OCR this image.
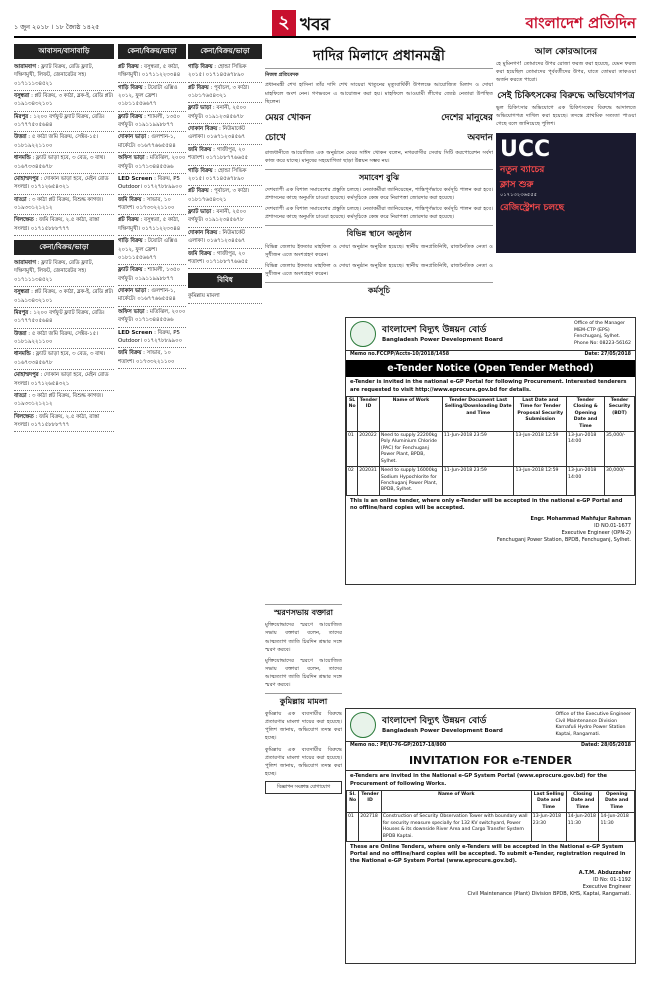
১ জুন ২০১৮ । ১৮ জ্যৈষ্ঠ ১৪২৫	২ খবর	বাংলাদেশ প্রতিদিন
আবাসন/বাসাবাড়ি
আরামবাগ : ফ্ল্যাট বিক্রয়, রেডি ফ্ল্যাট, দক্ষিণমুখী, লিফট, জেনারেটর সহ। ০১৭১১১৩৪৫২১
বসুন্ধরা : প্লট বিক্রয়, ৩ কাঠা, ব্লক-ই, রেডি প্লট। ০১৯১৩৪৩২১০১
মিরপুর : ১২০০ বর্গফুট ফ্ল্যাট বিক্রয়, রেডি। ০১৭৭৭৫০৫৬৪৪
উত্তরা : ৫ কাঠা জমি বিক্রয়, সেক্টর-১৫। ০১৮১৯২২১১০০
ধানমন্ডি : ফ্ল্যাট ভাড়া হবে, ৩ বেড, ৩ বাথ। ০১৬৭৩৩৪৫৬৭৮
মোহাম্মদপুর : দোকান ভাড়া হবে, মেইন রোড সংলগ্ন। ০১৭১২৬৫৪৩২১
বাড্ডা : ৩ কাঠা প্লট বিক্রয়, বিশুদ্ধ কাগজ। ০১৯৩৩১২১২১২
খিলক্ষেত : জমি বিক্রয়, ২.৫ কাঠা, রাস্তা সংলগ্ন। ০১৭১৫৮৮৮৭৭৭
কেনা/বিক্রয়/ভাড়া
আরামবাগ : ফ্ল্যাট বিক্রয়, রেডি ফ্ল্যাট, দক্ষিণমুখী, লিফট, জেনারেটর সহ। ০১৭১১১৩৪৫২১
বসুন্ধরা : প্লট বিক্রয়, ৩ কাঠা, ব্লক-ই, রেডি প্লট। ০১৯১৩৪৩২১০১
মিরপুর : ১২০০ বর্গফুট ফ্ল্যাট বিক্রয়, রেডি। ০১৭৭৭৫০৫৬৪৪
উত্তরা : ৫ কাঠা জমি বিক্রয়, সেক্টর-১৫। ০১৮১৯২২১১০০
ধানমন্ডি : ফ্ল্যাট ভাড়া হবে, ৩ বেড, ৩ বাথ। ০১৬৭৩৩৪৫৬৭৮
মোহাম্মদপুর : দোকান ভাড়া হবে, মেইন রোড সংলগ্ন। ০১৭১২৬৫৪৩২১
বাড্ডা : ৩ কাঠা প্লট বিক্রয়, বিশুদ্ধ কাগজ। ০১৯৩৩১২১২১২
খিলক্ষেত : জমি বিক্রয়, ২.৫ কাঠা, রাস্তা সংলগ্ন। ০১৭১৫৮৮৮৭৭৭
কেনা/বিক্রয়/ভাড়া
প্লট বিক্রয় : বসুন্ধরা, ৫ কাঠা, দক্ষিণমুখী। ০১৭১১২২৩৩৪৪
গাড়ি বিক্রয় : টয়োটা এক্সিও ২০১২, ফুল ফ্রেশ। ০১৮১১৫৫৬৬৭৭
ফ্ল্যাট বিক্রয় : শ্যামলী, ১৩৫০ বর্গফুট। ০১৯১১৯৯৮৮৭৭
দোকান ভাড়া : গুলশান-১, মার্কেটে। ০১৬৭৭৬৬৫৫৪৪
অফিস ভাড়া : মতিঝিল, ২০০০ বর্গফুট। ০১৭১৩৪৪৫৫৬৬
LED Screen : বিক্রয়, P5 Outdoor। ০১৭২৭৮৮৯৯০০
জমি বিক্রয় : সাভার, ১০ শতাংশ। ০১৭৩৩২২১১০০
প্লট বিক্রয় : বসুন্ধরা, ৫ কাঠা, দক্ষিণমুখী। ০১৭১১২২৩৩৪৪
গাড়ি বিক্রয় : টয়োটা এক্সিও ২০১২, ফুল ফ্রেশ। ০১৮১১৫৫৬৬৭৭
ফ্ল্যাট বিক্রয় : শ্যামলী, ১৩৫০ বর্গফুট। ০১৯১১৯৯৮৮৭৭
দোকান ভাড়া : গুলশান-১, মার্কেটে। ০১৬৭৭৬৬৫৫৪৪
অফিস ভাড়া : মতিঝিল, ২০০০ বর্গফুট। ০১৭১৩৪৪৫৫৬৬
LED Screen : বিক্রয়, P5 Outdoor। ০১৭২৭৮৮৯৯০০
জমি বিক্রয় : সাভার, ১০ শতাংশ। ০১৭৩৩২২১১০০
কেনা/বিক্রয়/ভাড়া
গাড়ি বিক্রয় : হোন্ডা সিভিক ২০১৫। ০১৭১৪৫৬৭৮৯০
প্লট বিক্রয় : পূর্বাচল, ৩ কাঠা। ০১৮১৭৬৫৪৩২১
ফ্ল্যাট ভাড়া : বনানী, ২৫০০ বর্গফুট। ০১৯১২৩৪৫৬৭৮
দোকান বিক্রয় : নিউমার্কেট এলাকা। ০১৬৭১২৩৪৫৬৭
জমি বিক্রয় : গাজীপুর, ২০ শতাংশ। ০১৭১৮৮৭৭৬৬৫৫
গাড়ি বিক্রয় : হোন্ডা সিভিক ২০১৫। ০১৭১৪৫৬৭৮৯০
প্লট বিক্রয় : পূর্বাচল, ৩ কাঠা। ০১৮১৭৬৫৪৩২১
ফ্ল্যাট ভাড়া : বনানী, ২৫০০ বর্গফুট। ০১৯১২৩৪৫৬৭৮
দোকান বিক্রয় : নিউমার্কেট এলাকা। ০১৬৭১২৩৪৫৬৭
জমি বিক্রয় : গাজীপুর, ২০ শতাংশ। ০১৭১৮৮৭৭৬৬৫৫
বিবিধ
কুমিল্লায় মামলা
দাদির মিলাদে প্রধানমন্ত্রী
নিজস্ব প্রতিবেদক
প্রধানমন্ত্রী শেখ হাসিনা তাঁর দাদি শেখ সায়েরা খাতুনের মৃত্যুবার্ষিকী উপলক্ষে আয়োজিত মিলাদ ও দোয়া মাহফিলে অংশ নেন। গণভবনে এ আয়োজন করা হয়। মাহফিলে আওয়ামী লীগের জ্যেষ্ঠ নেতারা উপস্থিত ছিলেন।
মেয়র খোকন	দেশের মানুষের
চোখে	অবদান
রাজধানীতে আয়োজিত এক অনুষ্ঠানে মেয়র সাঈদ খোকন বলেন, নগরবাসীর সেবায় সিটি করপোরেশন সর্বদা কাজ করে যাচ্ছে। মানুষের সহযোগিতা ছাড়া উন্নয়ন সম্ভব নয়।
সমাবেশ বুঝি
দেশব্যাপী এক বিশাল সমাবেশের প্রস্তুতি চলছে। নেতাকর্মীরা জানিয়েছেন, শান্তিপূর্ণভাবে কর্মসূচি পালন করা হবে। প্রশাসনের কাছে অনুমতি চাওয়া হয়েছে। কর্মসূচিকে কেন্দ্র করে নিরাপত্তা জোরদার করা হয়েছে।
দেশব্যাপী এক বিশাল সমাবেশের প্রস্তুতি চলছে। নেতাকর্মীরা জানিয়েছেন, শান্তিপূর্ণভাবে কর্মসূচি পালন করা হবে। প্রশাসনের কাছে অনুমতি চাওয়া হয়েছে। কর্মসূচিকে কেন্দ্র করে নিরাপত্তা জোরদার করা হয়েছে।
বিভিন্ন স্থানে অনুষ্ঠান
বিভিন্ন জেলায় ইফতার মাহফিল ও দোয়া অনুষ্ঠান অনুষ্ঠিত হয়েছে। স্থানীয় জনপ্রতিনিধি, রাজনৈতিক নেতা ও সুধীজন এতে অংশগ্রহণ করেন।
বিভিন্ন জেলায় ইফতার মাহফিল ও দোয়া অনুষ্ঠান অনুষ্ঠিত হয়েছে। স্থানীয় জনপ্রতিনিধি, রাজনৈতিক নেতা ও সুধীজন এতে অংশগ্রহণ করেন।
কর্মসূচি
আল কোরআনের
হে মুমিনগণ! তোমাদের উপর রোজা ফরজ করা হয়েছে, যেমন ফরজ করা হয়েছিল তোমাদের পূর্ববর্তীদের উপর, যাতে তোমরা তাকওয়া অর্জন করতে পারো।
সেই চিকিৎসকের বিরুদ্ধে অভিযোগপত্র
ভুল চিকিৎসার অভিযোগে এক চিকিৎসকের বিরুদ্ধে আদালতে অভিযোগপত্র দাখিল করা হয়েছে। তদন্তে প্রাথমিক সত্যতা পাওয়া গেছে বলে জানিয়েছে পুলিশ।
UCC
নতুন ব্যাচের
ক্লাস শুরু
০১৭১৩২৩৬৫৫৫
রেজিস্ট্রেশন চলছে
বাংলাদেশ বিদ্যুৎ উন্নয়ন বোর্ড
Bangladesh Power Development Board
Office of the Manager
MEM-CTP (EPS)
Fenchuganj, Sylhet.
Phone No: 08223-56162
Memo no.FCCPP/Accts-10/2018/1458	Date: 27/05/2018
e-Tender Notice (Open Tender Method)
e-Tender is invited in the national e-GP Portal for following Procurement. Interested tenderers are requested to visit http://www.eprocure.gov.bd for details.
SL No	Tender ID	Name of Work	Tender Document Last Selling/Downloading Date and Time	Last Date and Time for Tender Proposal Security Submission	Tender Closing & Opening Date and Time	Tender Security (BDT)
01	202022	Need to supply 22200kg Poly Aluminium Chloride (PAC) for Fenchuganj Power Plant, BPDB, Sylhet.	11-Jun-2018 23:59	13-Jun-2018 12:59	13-Jun-2018 14:00	35,000/-
02	202031	Need to supply 16000kg Sodium Hypochlorite for Fenchuganj Power Plant, BPDB, Sylhet.	11-Jun-2018 23:59	13-Jun-2018 12:59	13-Jun-2018 14:00	30,000/-
This is an online tender, where only e-Tender will be accepted in the national e-GP Portal and no offline/hard copies will be accepted.
Engr. Mohammad Mahfujur Rahman
ID NO.01-1677
Executive Engineer (OPN-2)
Fenchuganj Power Station, BPDB, Fenchuganj, Sylhet.
স্মরণসভায় বক্তারা
মুক্তিযোদ্ধাদের স্মরণে আয়োজিত সভায় বক্তারা বলেন, তাদের আত্মত্যাগ জাতি চিরদিন শ্রদ্ধার সঙ্গে স্মরণ করবে।
মুক্তিযোদ্ধাদের স্মরণে আয়োজিত সভায় বক্তারা বলেন, তাদের আত্মত্যাগ জাতি চিরদিন শ্রদ্ধার সঙ্গে স্মরণ করবে।
কুমিল্লায় মামলা
কুমিল্লায় এক ব্যবসায়ীর বিরুদ্ধে প্রতারণার মামলা দায়ের করা হয়েছে। পুলিশ জানায়, অভিযোগ তদন্ত করা হচ্ছে।
কুমিল্লায় এক ব্যবসায়ীর বিরুদ্ধে প্রতারণার মামলা দায়ের করা হয়েছে। পুলিশ জানায়, অভিযোগ তদন্ত করা হচ্ছে।
বিজ্ঞাপন সংক্রান্ত যোগাযোগ
বাংলাদেশ বিদ্যুৎ উন্নয়ন বোর্ড
Bangladesh Power Development Board
Office of the Executive Engineer
Civil Maintenance Division
Karnafuli Hydro Power Station
Kaptai, Rangamati.
Memo no.: PE/U-76-GP/2017-18/800	Dated: 28/05/2018
INVITATION FOR e-TENDER
e-Tenders are invited in the National e-GP System Portal (www.eprocure.gov.bd) for the Procurement of following Works.
Sl. No	Tender ID	Name of Work	Last Selling Date and Time	Closing Date and Time	Opening Date and Time
01	202718	Construction of Security Observation Tower with boundary wall for security measure specially for 132 KV switchyard, Power Houses & its downside River Area and Cargo Transfer System BPDB Kaptai.	13-Jun-2018 23:30	14-Jun-2018 11:30	14-Jun-2018 11:30
These are Online Tenders, where only e-Tenders will be accepted in the National e-GP System Portal and no offline/hard copies will be accepted. To submit e-Tender, registration required in the National e-GP System Portal (www.eprocure.gov.bd).
A.T.M. Abduzzaher
ID No: 01-1192
Executive Engineer
Civil Maintenance (Plant) Division BPDB, KHS, Kaptai, Rangamati.
